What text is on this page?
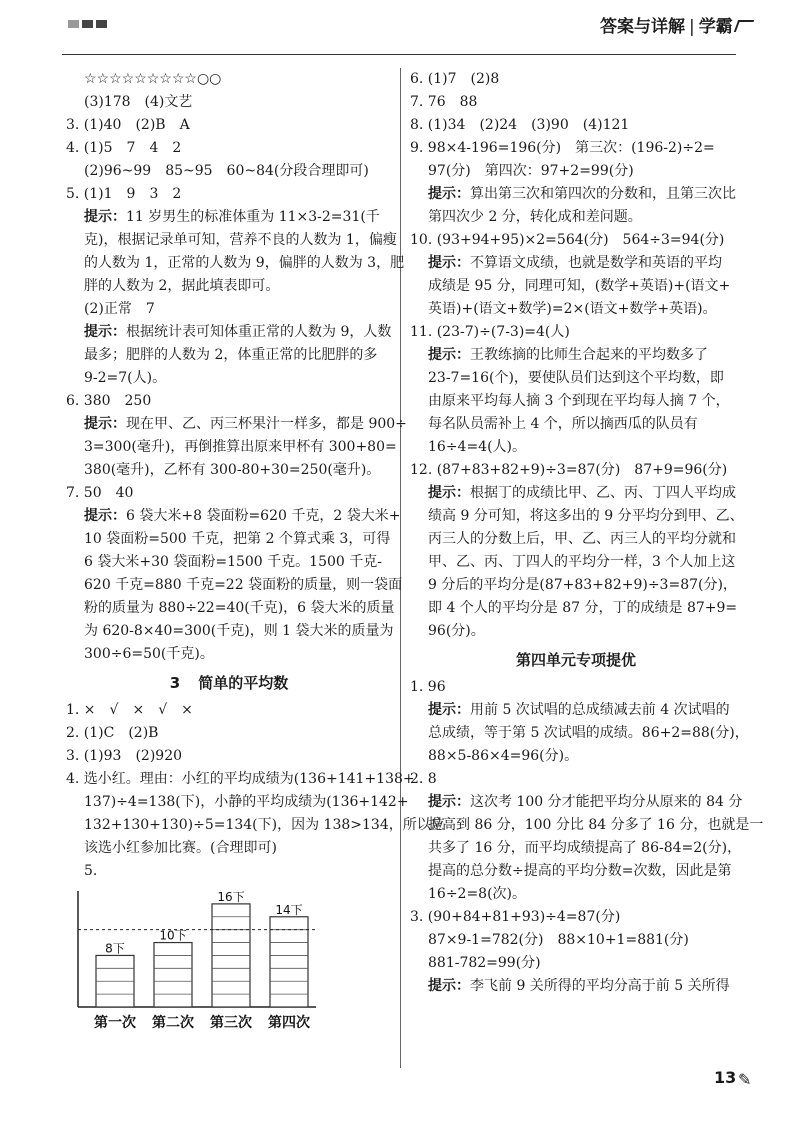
答案与详解 | 学霸
☆☆☆☆☆☆☆☆☆○○
(3)178　(4)文艺
3. (1)40　(2)B　A
4. (1)5　7　4　2
(2)96~99　85~95　60~84(分段合理即可)
5. (1)1　9　3　2
提示：11 岁男生的标准体重为 11×3-2=31(千
克)，根据记录单可知，营养不良的人数为 1，偏瘦
的人数为 1，正常的人数为 9，偏胖的人数为 3，肥
胖的人数为 2，据此填表即可。
(2)正常　7
提示：根据统计表可知体重正常的人数为 9，人数
最多；肥胖的人数为 2，体重正常的比肥胖的多
9-2=7(人)。
6. 380　250
提示：现在甲、乙、丙三杯果汁一样多，都是 900÷
3=300(毫升)，再倒推算出原来甲杯有 300+80=
380(毫升)，乙杯有 300-80+30=250(毫升)。
7. 50　40
提示：6 袋大米+8 袋面粉=620 千克，2 袋大米+
10 袋面粉=500 千克，把第 2 个算式乘 3，可得
6 袋大米+30 袋面粉=1500 千克。1500 千克-
620 千克=880 千克=22 袋面粉的质量，则一袋面
粉的质量为 880÷22=40(千克)，6 袋大米的质量
为 620-8×40=300(千克)，则 1 袋大米的质量为
300÷6=50(千克)。
3 简单的平均数
1. ×　√　×　√　×
2. (1)C　(2)B
3. (1)93　(2)920
4. 选小红。理由：小红的平均成绩为(136+141+138+
137)÷4=138(下)，小静的平均成绩为(136+142+
132+130+130)÷5=134(下)，因为 138>134，所以应
该选小红参加比赛。(合理即可)
5.
8下
第一次
10下
第二次
16下
第三次
14下
第四次
6. (1)7　(2)8
7. 76　88
8. (1)34　(2)24　(3)90　(4)121
9. 98×4-196=196(分)　第三次：(196-2)÷2=
97(分)　第四次：97+2=99(分)
提示：算出第三次和第四次的分数和，且第三次比
第四次少 2 分，转化成和差问题。
10. (93+94+95)×2=564(分)　564÷3=94(分)
提示：不算语文成绩，也就是数学和英语的平均
成绩是 95 分，同理可知，(数学+英语)+(语文+
英语)+(语文+数学)=2×(语文+数学+英语)。
11. (23-7)÷(7-3)=4(人)
提示：王教练摘的比师生合起来的平均数多了
23-7=16(个)，要使队员们达到这个平均数，即
由原来平均每人摘 3 个到现在平均每人摘 7 个，
每名队员需补上 4 个，所以摘西瓜的队员有
16÷4=4(人)。
12. (87+83+82+9)÷3=87(分)　87+9=96(分)
提示：根据丁的成绩比甲、乙、丙、丁四人平均成
绩高 9 分可知，将这多出的 9 分平均分到甲、乙、
丙三人的分数上后，甲、乙、丙三人的平均分就和
甲、乙、丙、丁四人的平均分一样，3 个人加上这
9 分后的平均分是(87+83+82+9)÷3=87(分)，
即 4 个人的平均分是 87 分，丁的成绩是 87+9=
96(分)。
第四单元专项提优
1. 96
提示：用前 5 次试唱的总成绩减去前 4 次试唱的
总成绩，等于第 5 次试唱的成绩。86+2=88(分)，
88×5-86×4=96(分)。
2. 8
提示：这次考 100 分才能把平均分从原来的 84 分
提高到 86 分，100 分比 84 分多了 16 分，也就是一
共多了 16 分，而平均成绩提高了 86-84=2(分)，
提高的总分数÷提高的平均分数=次数，因此是第
16÷2=8(次)。
3. (90+84+81+93)÷4=87(分)
87×9-1=782(分)　88×10+1=881(分)
881-782=99(分)
提示：李飞前 9 关所得的平均分高于前 5 关所得
13 ✎
